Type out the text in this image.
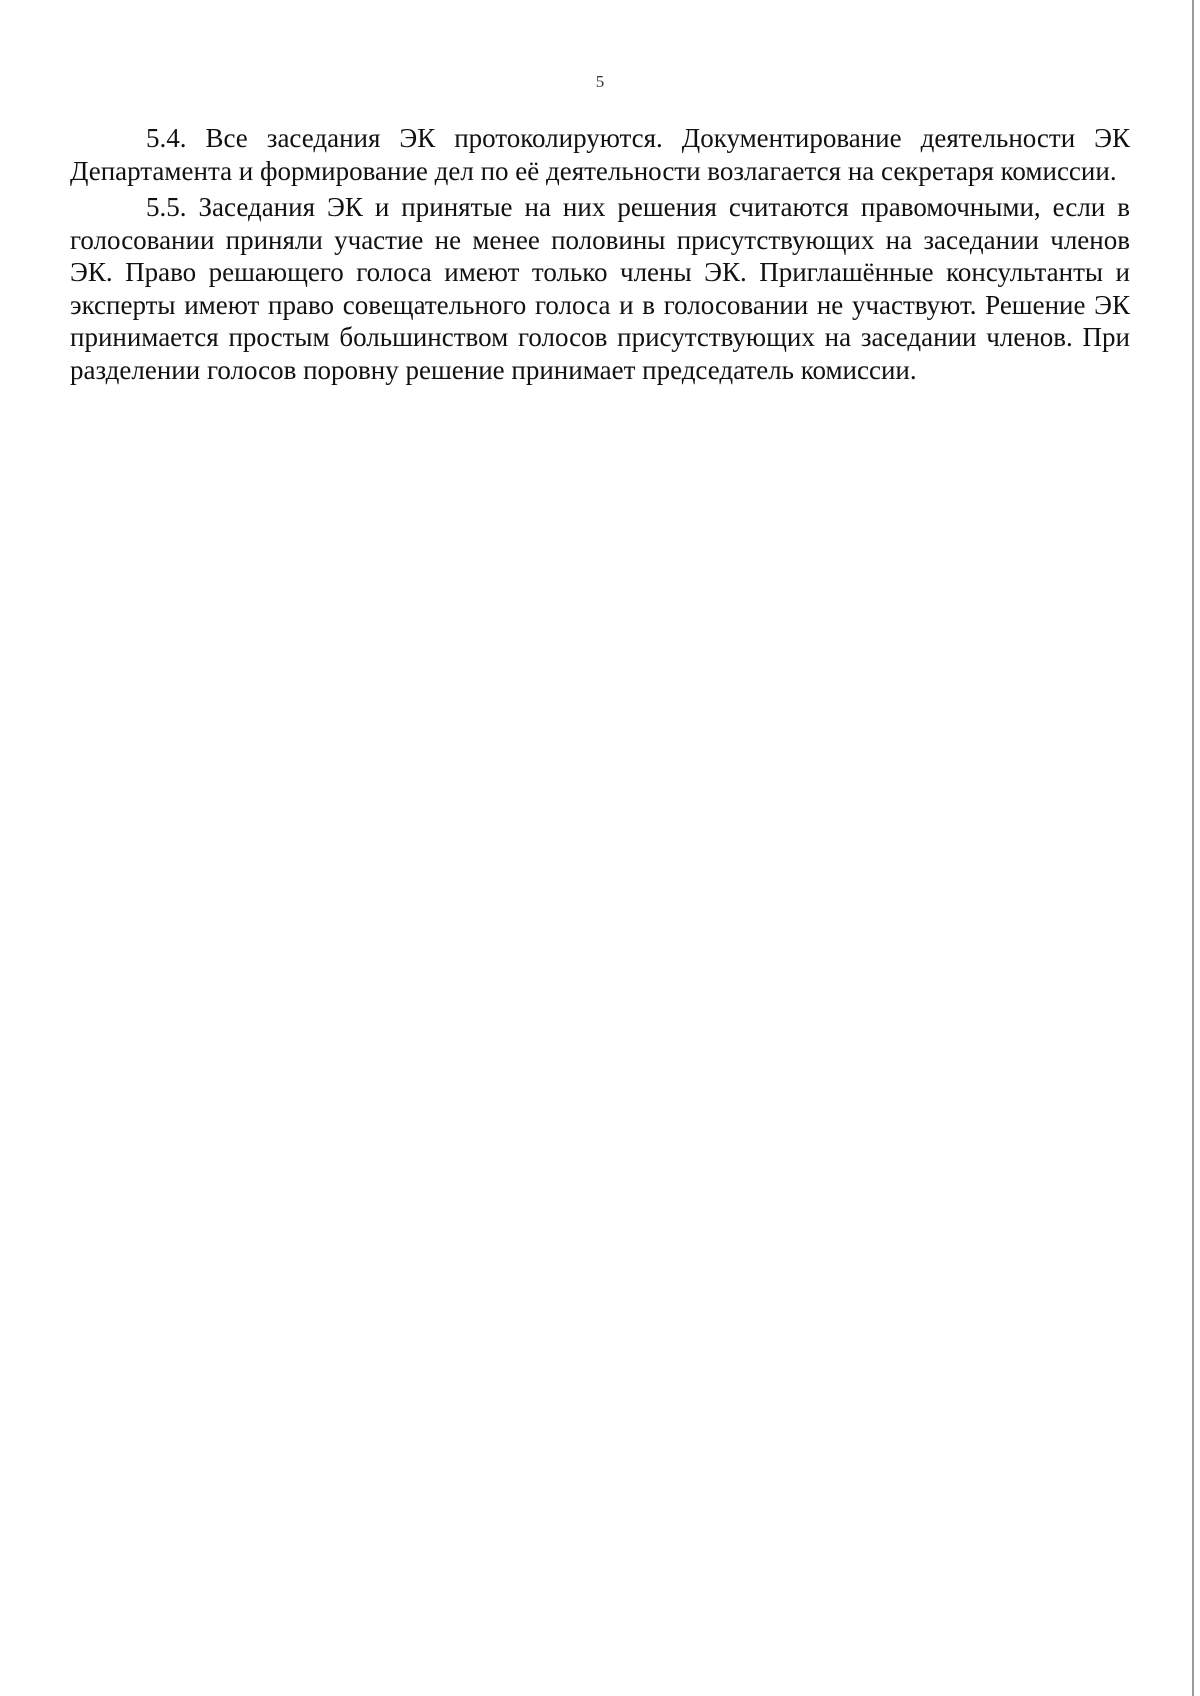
5

5.4. Все заседания ЭК протоколируются. Документирование деятельности ЭК Департамента и формирование дел по её деятельности возлагается на секретаря комиссии.

5.5. Заседания ЭК и принятые на них решения считаются правомочными, если в голосовании приняли участие не менее половины присутствующих на заседании членов ЭК. Право решающего голоса имеют только члены ЭК. Приглашённые консультанты и эксперты имеют право совещательного голоса и в голосовании не участвуют. Решение ЭК принимается простым большинством голосов присутствующих на заседании членов. При разделении голосов поровну решение принимает председатель комиссии.
